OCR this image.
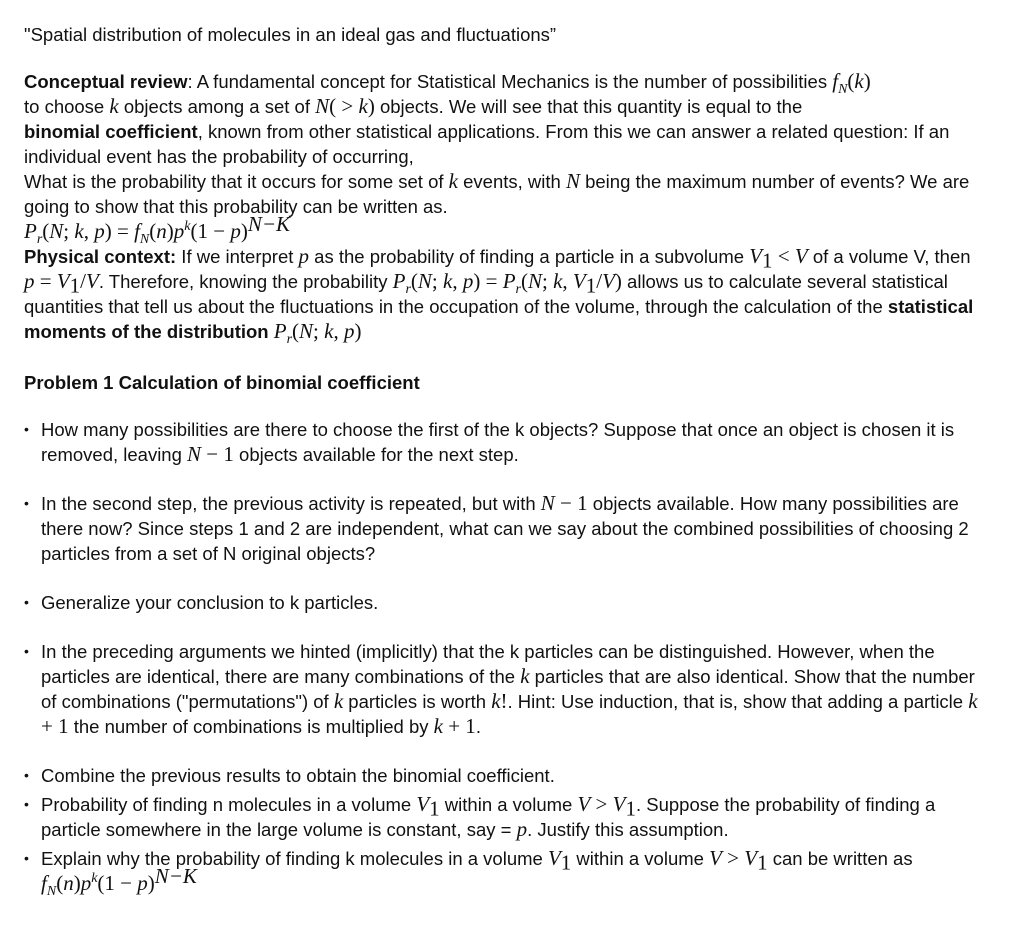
"Spatial distribution of molecules in an ideal gas and fluctuations”

Conceptual review: A fundamental concept for Statistical Mechanics is the number of possibilities $f_N(k)$
to choose k objects among a set of N( > k) objects. We will see that this quantity is equal to the
binomial coefficient, known from other statistical applications. From this we can answer a related question: If an individual event has the probability of occurring,
What is the probability that it occurs for some set of k events, with N being the maximum number of events? We are going to show that this probability can be written as.

$P_r(N$; k, $p) = f_N(n)p^k(1 - p)^{N-K}$

Physical context: If we interpret p as the probability of finding a particle in a subvolume $V_1 < V$ of a volume V, then $p = V_1/V$. Therefore, knowing the probability $P_r(N$; k, $p) = P_r(N$; k, $V_1/V$) allows us to calculate several statistical quantities that tell us about the fluctuations in the occupation of the volume, through the calculation of the statistical moments of the distribution $P_r(N$; k, p)

Problem 1 Calculation of binomial coefficient

• How many possibilities are there to choose the first of the k objects? Suppose that once an object is chosen it is removed, leaving N − 1 objects available for the next step.
• In the second step, the previous activity is repeated, but with N − 1 objects available. How many possibilities are there now? Since steps 1 and 2 are independent, what can we say about the combined possibilities of choosing 2 particles from a set of N original objects?
• Generalize your conclusion to k particles.
• In the preceding arguments we hinted (implicitly) that the k particles can be distinguished. However, when the particles are identical, there are many combinations of the k particles that are also identical. Show that the number of combinations ("permutations") of k particles is worth k!. Hint: Use induction, that is, show that adding a particle k + 1 the number of combinations is multiplied by k + 1.
• Combine the previous results to obtain the binomial coefficient.
• Probability of finding n molecules in a volume $V_1$ within a volume $V > V_1$. Suppose the probability of finding a particle somewhere in the large volume is constant, say = p. Justify this assumption.
• Explain why the probability of finding k molecules in a volume $V_1$ within a volume $V > V_1$ can be written as $f_N(n)p^k(1 - p)^{N-K}$
